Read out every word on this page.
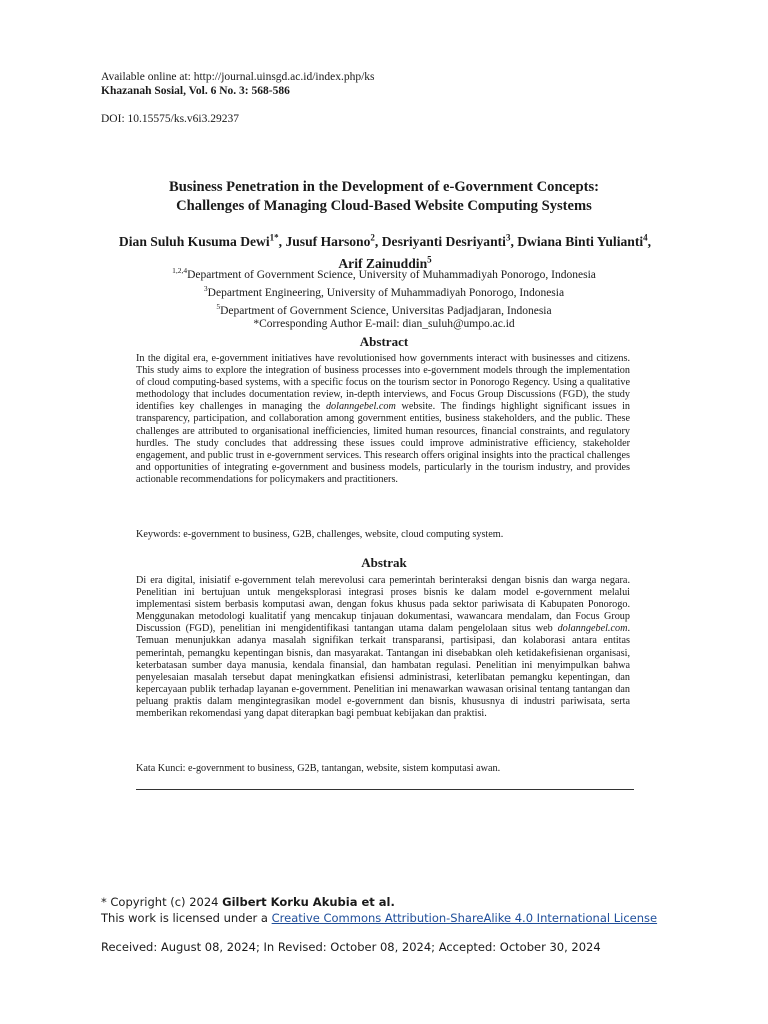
Available online at: http://journal.uinsgd.ac.id/index.php/ks
Khazanah Sosial, Vol. 6 No. 3: 568-586
DOI: 10.15575/ks.v6i3.29237
Business Penetration in the Development of e-Government Concepts:
Challenges of Managing Cloud-Based Website Computing Systems
Dian Suluh Kusuma Dewi$^{1*}$, Jusuf Harsono$^2$, Desriyanti Desriyanti$^3$, Dwiana Binti Yulianti$^4$, Arif Zainuddin$^5$
$^{1,2,4}$Department of Government Science, University of Muhammadiyah Ponorogo, Indonesia
$^3$Department Engineering, University of Muhammadiyah Ponorogo, Indonesia
$^5$Department of Government Science, Universitas Padjadjaran, Indonesia
*Corresponding Author E-mail: dian_suluh@umpo.ac.id
Abstract
In the digital era, e-government initiatives have revolutionised how governments interact with businesses and citizens. This study aims to explore the integration of business processes into e-government models through the implementation of cloud computing-based systems, with a specific focus on the tourism sector in Ponorogo Regency. Using a qualitative methodology that includes documentation review, in-depth interviews, and Focus Group Discussions (FGD), the study identifies key challenges in managing the dolanngebel.com website. The findings highlight significant issues in transparency, participation, and collaboration among government entities, business stakeholders, and the public. These challenges are attributed to organisational inefficiencies, limited human resources, financial constraints, and regulatory hurdles. The study concludes that addressing these issues could improve administrative efficiency, stakeholder engagement, and public trust in e-government services. This research offers original insights into the practical challenges and opportunities of integrating e-government and business models, particularly in the tourism industry, and provides actionable recommendations for policymakers and practitioners.
Keywords: e-government to business, G2B, challenges, website, cloud computing system.
Abstrak
Di era digital, inisiatif e-government telah merevolusi cara pemerintah berinteraksi dengan bisnis dan warga negara. Penelitian ini bertujuan untuk mengeksplorasi integrasi proses bisnis ke dalam model e-government melalui implementasi sistem berbasis komputasi awan, dengan fokus khusus pada sektor pariwisata di Kabupaten Ponorogo. Menggunakan metodologi kualitatif yang mencakup tinjauan dokumentasi, wawancara mendalam, dan Focus Group Discussion (FGD), penelitian ini mengidentifikasi tantangan utama dalam pengelolaan situs web dolanngebel.com. Temuan menunjukkan adanya masalah signifikan terkait transparansi, partisipasi, dan kolaborasi antara entitas pemerintah, pemangku kepentingan bisnis, dan masyarakat. Tantangan ini disebabkan oleh ketidakefisienan organisasi, keterbatasan sumber daya manusia, kendala finansial, dan hambatan regulasi. Penelitian ini menyimpulkan bahwa penyelesaian masalah tersebut dapat meningkatkan efisiensi administrasi, keterlibatan pemangku kepentingan, dan kepercayaan publik terhadap layanan e-government. Penelitian ini menawarkan wawasan orisinal tentang tantangan dan peluang praktis dalam mengintegrasikan model e-government dan bisnis, khususnya di industri pariwisata, serta memberikan rekomendasi yang dapat diterapkan bagi pembuat kebijakan dan praktisi.
Kata Kunci: e-government to business, G2B, tantangan, website, sistem komputasi awan.
* Copyright (c) 2024 Gilbert Korku Akubia et al.
This work is licensed under a Creative Commons Attribution-ShareAlike 4.0 International License
Received: August 08, 2024; In Revised: October 08, 2024; Accepted: October 30, 2024
